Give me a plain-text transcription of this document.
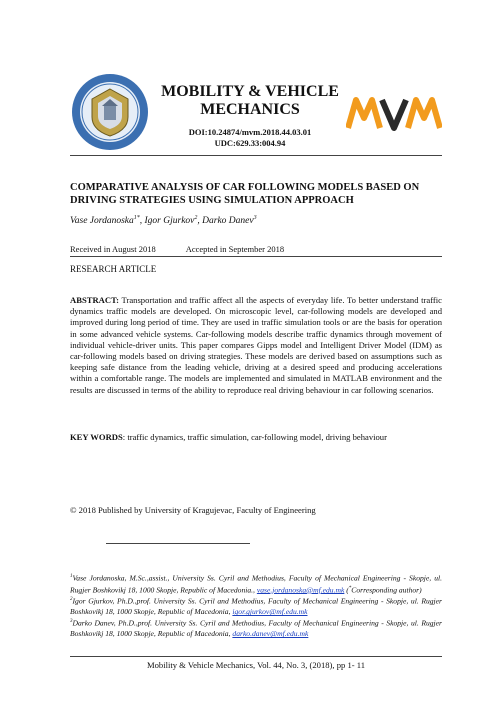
MOBILITY & VEHICLE MECHANICS
DOI:10.24874/mvm.2018.44.03.01
UDC:629.33:004.94
COMPARATIVE ANALYSIS OF CAR FOLLOWING MODELS BASED ON DRIVING STRATEGIES USING SIMULATION APPROACH
Vase Jordanoska$^{1*}$, Igor Gjurkov$^2$, Darko Danev$^3$
Received in August 2018	Accepted in September 2018
RESEARCH ARTICLE
ABSTRACT: Transportation and traffic affect all the aspects of everyday life. To better understand traffic dynamics traffic models are developed. On microscopic level, car-following models are developed and improved during long period of time. They are used in traffic simulation tools or are the basis for operation in some advanced vehicle systems. Car-following models describe traffic dynamics through movement of individual vehicle-driver units. This paper compares Gipps model and Intelligent Driver Model (IDM) as car-following models based on driving strategies. These models are derived based on assumptions such as keeping safe distance from the leading vehicle, driving at a desired speed and producing accelerations within a comfortable range. The models are implemented and simulated in MATLAB environment and the results are discussed in terms of the ability to reproduce real driving behaviour in car following scenarios.
KEY WORDS: traffic dynamics, traffic simulation, car-following model, driving behaviour
© 2018 Published by University of Kragujevac, Faculty of Engineering

$^1$Vase Jordanoska, M.Sc.,assist., University Ss. Cyril and Methodius, Faculty of Mechanical Engineering - Skopje, ul. Rugjer Boshkovikj 18, 1000 Skopje, Republic of Macedonia., vase.jordanoska@mf.edu.mk (*Corresponding author)

$^2$Igor Gjurkov, Ph.D.,prof. University Ss. Cyril and Methodius, Faculty of Mechanical Engineering - Skopje, ul. Rugjer Boshkovikj 18, 1000 Skopje, Republic of Macedonia, igor.gjurkov@mf.edu.mk

$^3$Darko Danev, Ph.D.,prof. University Ss. Cyril and Methodius, Faculty of Mechanical Engineering - Skopje, ul. Rugjer Boshkovikj 18, 1000 Skopje, Republic of Macedonia, darko.danev@mf.edu.mk

Mobility & Vehicle Mechanics, Vol. 44, No. 3, (2018), pp 1- 11
